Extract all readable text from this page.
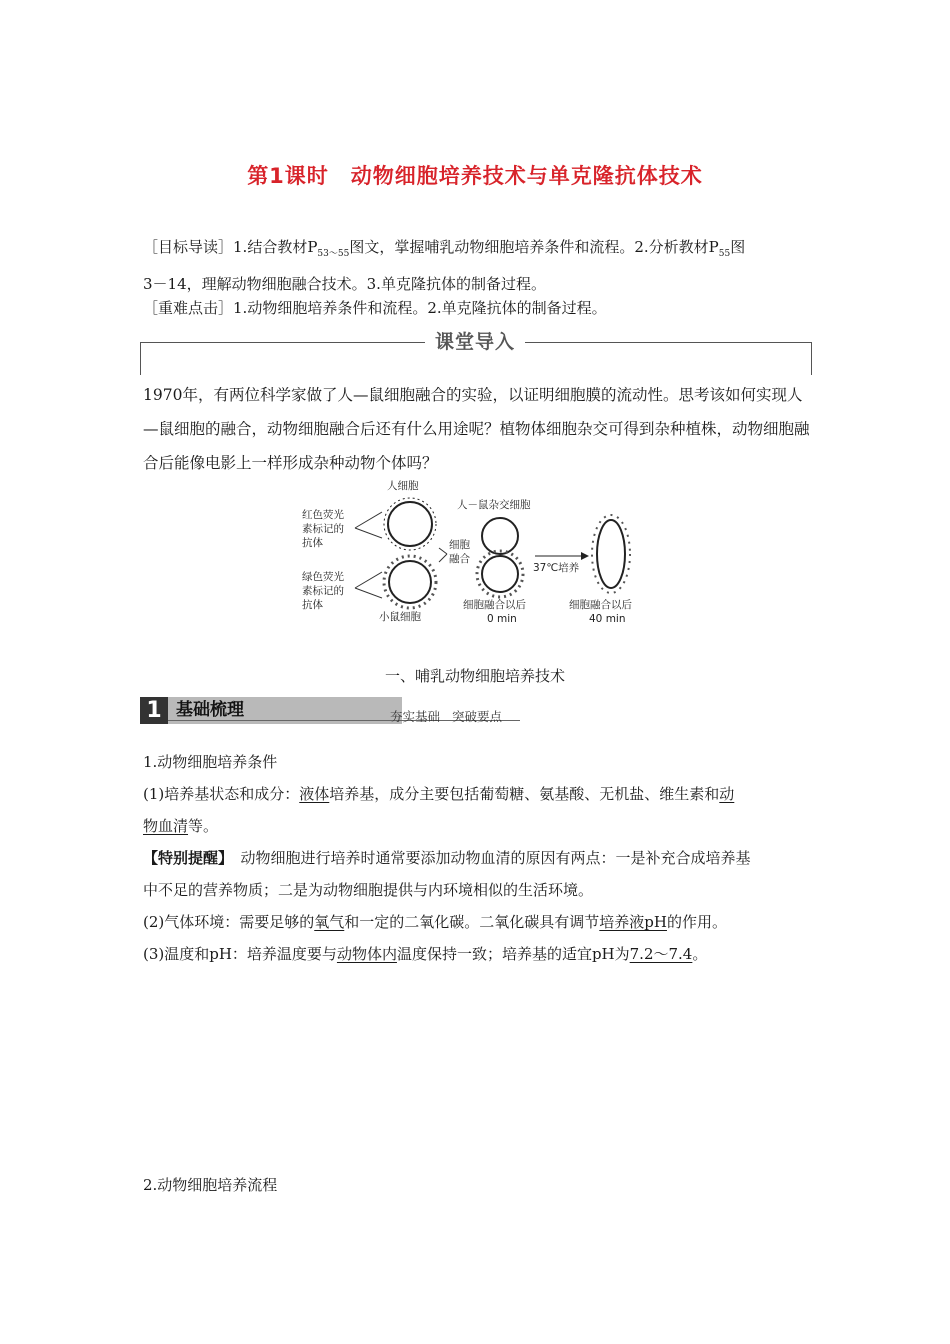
第1课时　动物细胞培养技术与单克隆抗体技术
［目标导读］1.结合教材$P_{53\sim 55}$图文，掌握哺乳动物细胞培养条件和流程。2.分析教材$P_{55}$图
3－14，理解动物细胞融合技术。3.单克隆抗体的制备过程。
［重难点击］1.动物细胞培养条件和流程。2.单克隆抗体的制备过程。
课堂导入
1970年，有两位科学家做了人—鼠细胞融合的实验，以证明细胞膜的流动性。思考该如何实现人—鼠细胞的融合，动物细胞融合后还有什么用途呢？植物体细胞杂交可得到杂种植株，动物细胞融合后能像电影上一样形成杂种动物个体吗？
人细胞
红色荧光
素标记的
抗体
绿色荧光
素标记的
抗体
小鼠细胞
细胞
融合
人－鼠杂交细胞
细胞融合以后
0 min
37℃培养
细胞融合以后
40 min
一、哺乳动物细胞培养技术
1 基础梳理	夯实基础 突破要点
1.动物细胞培养条件
(1)培养基状态和成分：液体培养基，成分主要包括葡萄糖、氨基酸、无机盐、维生素和动
物血清等。
【特别提醒】　动物细胞进行培养时通常要添加动物血清的原因有两点：一是补充合成培养基
中不足的营养物质；二是为动物细胞提供与内环境相似的生活环境。
(2)气体环境：需要足够的氧气和一定的二氧化碳。二氧化碳具有调节培养液pH的作用。
(3)温度和pH：培养温度要与动物体内温度保持一致；培养基的适宜pH为7.2～7.4。
2.动物细胞培养流程
